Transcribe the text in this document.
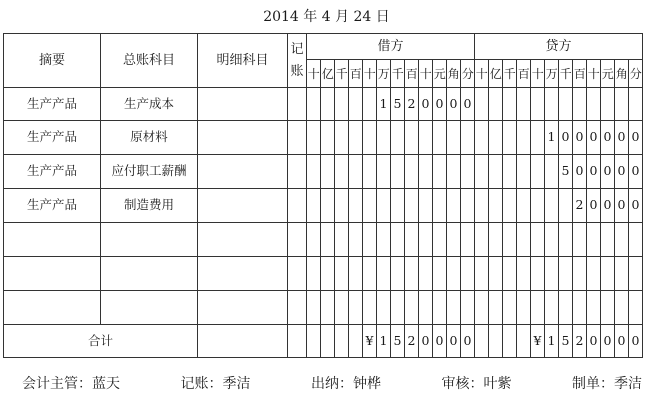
2014 年 4 月 24 日
摘要	总账科目	明细科目	记
账	借方												贷方											
				十	亿	千	百	十	万	千	百	十	元	角	分	十	亿	千	百	十	万	千	百	十	元	角	分
生产产品	生产成本								1	5	2	0	0	0	0												
生产产品	原材料																				1	0	0	0	0	0	0
生产产品	应付职工薪酬																					5	0	0	0	0	0
生产产品	制造费用																						2	0	0	0	0

合计								¥	1	5	2	0	0	0	0					¥	1	5	2	0	0	0	0
会计主管：蓝天	记账：季洁	出纳：钟桦	审核：叶紫	制单：季洁
